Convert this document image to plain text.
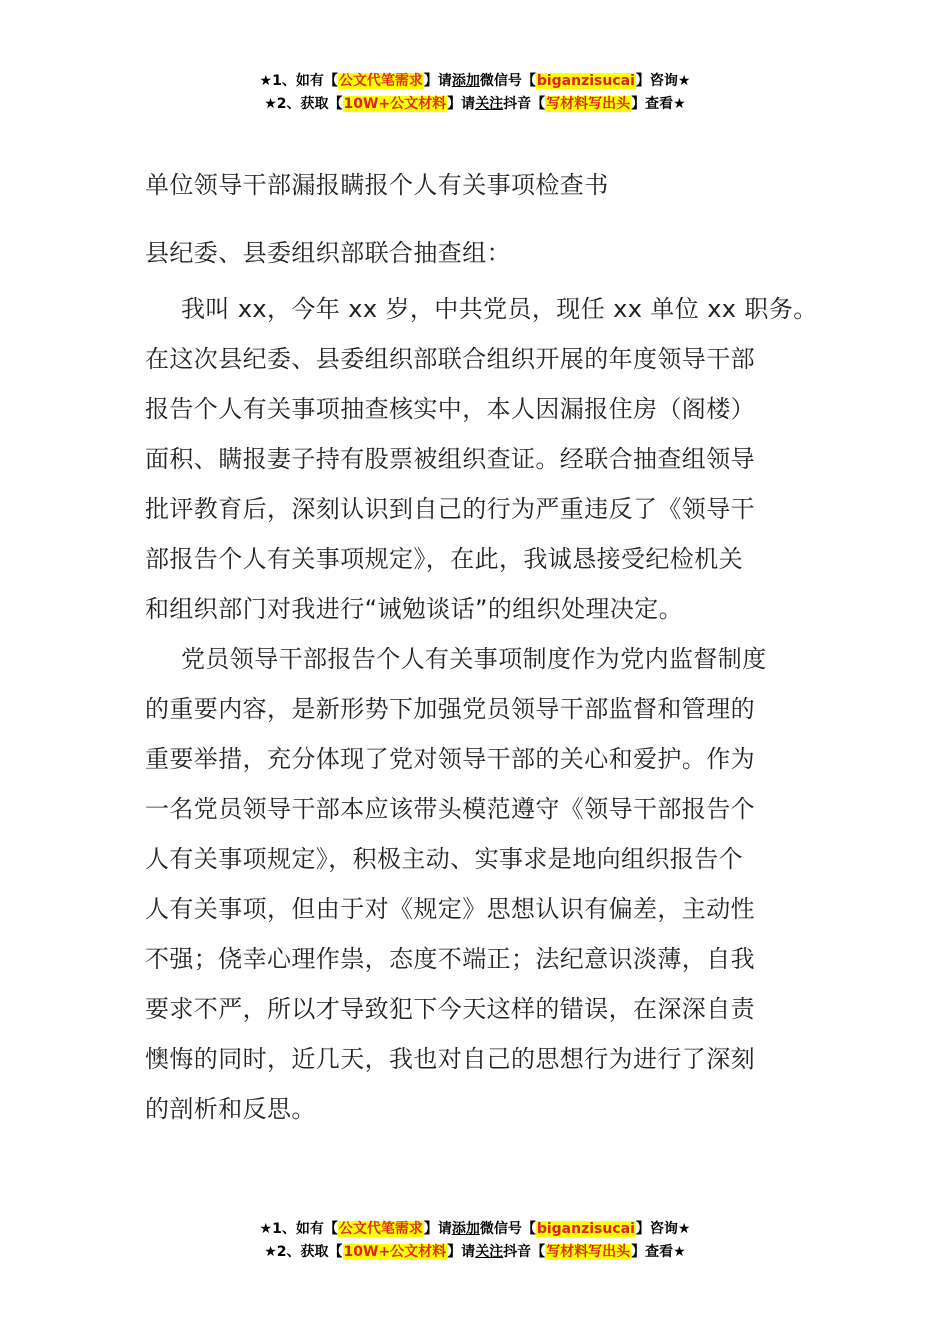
★1、如有【公文代笔需求】请添加微信号【biganzisucai】咨询★
★2、获取【10W+公文材料】请关注抖音【写材料写出头】查看★
单位领导干部漏报瞒报个人有关事项检查书
县纪委、县委组织部联合抽查组：

我叫 xx，今年 xx 岁，中共党员，现任 xx 单位 xx 职务。
在这次县纪委、县委组织部联合组织开展的年度领导干部
报告个人有关事项抽查核实中，本人因漏报住房（阁楼）
面积、瞒报妻子持有股票被组织查证。经联合抽查组领导
批评教育后，深刻认识到自己的行为严重违反了《领导干
部报告个人有关事项规定》，在此，我诚恳接受纪检机关
和组织部门对我进行“诫勉谈话”的组织处理决定。

党员领导干部报告个人有关事项制度作为党内监督制度
的重要内容，是新形势下加强党员领导干部监督和管理的
重要举措，充分体现了党对领导干部的关心和爱护。作为
一名党员领导干部本应该带头模范遵守《领导干部报告个
人有关事项规定》，积极主动、实事求是地向组织报告个
人有关事项，但由于对《规定》思想认识有偏差，主动性
不强；侥幸心理作祟，态度不端正；法纪意识淡薄，自我
要求不严，所以才导致犯下今天这样的错误，在深深自责
懊悔的同时，近几天，我也对自己的思想行为进行了深刻
的剖析和反思。

★1、如有【公文代笔需求】请添加微信号【biganzisucai】咨询★
★2、获取【10W+公文材料】请关注抖音【写材料写出头】查看★
